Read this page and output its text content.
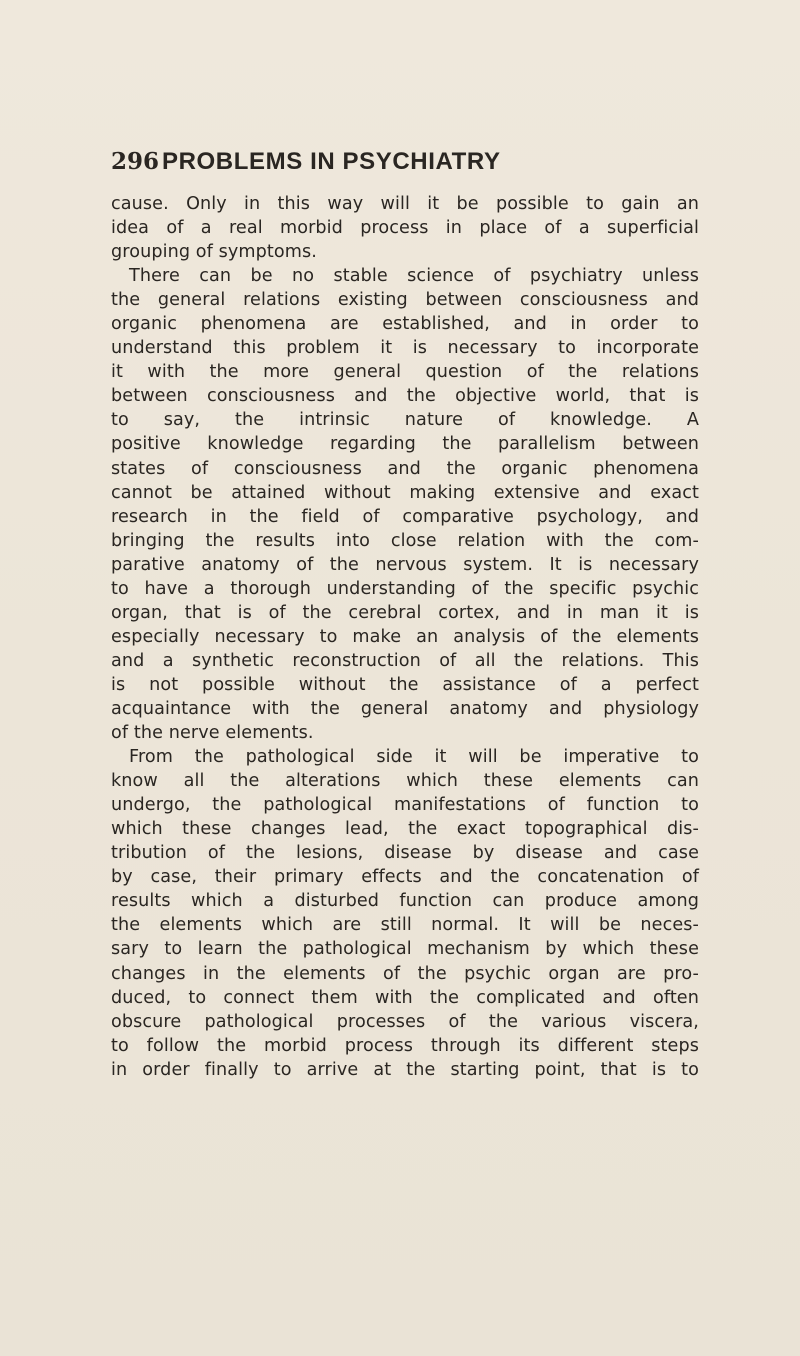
296 PROBLEMS IN PSYCHIATRY
cause. Only in this way will it be possible to gain an
idea of a real morbid process in place of a superficial
grouping of symptoms.
There can be no stable science of psychiatry unless
the general relations existing between consciousness and
organic phenomena are established, and in order to
understand this problem it is necessary to incorporate
it with the more general question of the relations
between consciousness and the objective world, that is
to say, the intrinsic nature of knowledge. A
positive knowledge regarding the parallelism between
states of consciousness and the organic phenomena
cannot be attained without making extensive and exact
research in the field of comparative psychology, and
bringing the results into close relation with the com-
parative anatomy of the nervous system. It is necessary
to have a thorough understanding of the specific psychic
organ, that is of the cerebral cortex, and in man it is
especially necessary to make an analysis of the elements
and a synthetic reconstruction of all the relations. This
is not possible without the assistance of a perfect
acquaintance with the general anatomy and physiology
of the nerve elements.
From the pathological side it will be imperative to
know all the alterations which these elements can
undergo, the pathological manifestations of function to
which these changes lead, the exact topographical dis-
tribution of the lesions, disease by disease and case
by case, their primary effects and the concatenation of
results which a disturbed function can produce among
the elements which are still normal. It will be neces-
sary to learn the pathological mechanism by which these
changes in the elements of the psychic organ are pro-
duced, to connect them with the complicated and often
obscure pathological processes of the various viscera,
to follow the morbid process through its different steps
in order finally to arrive at the starting point, that is to
